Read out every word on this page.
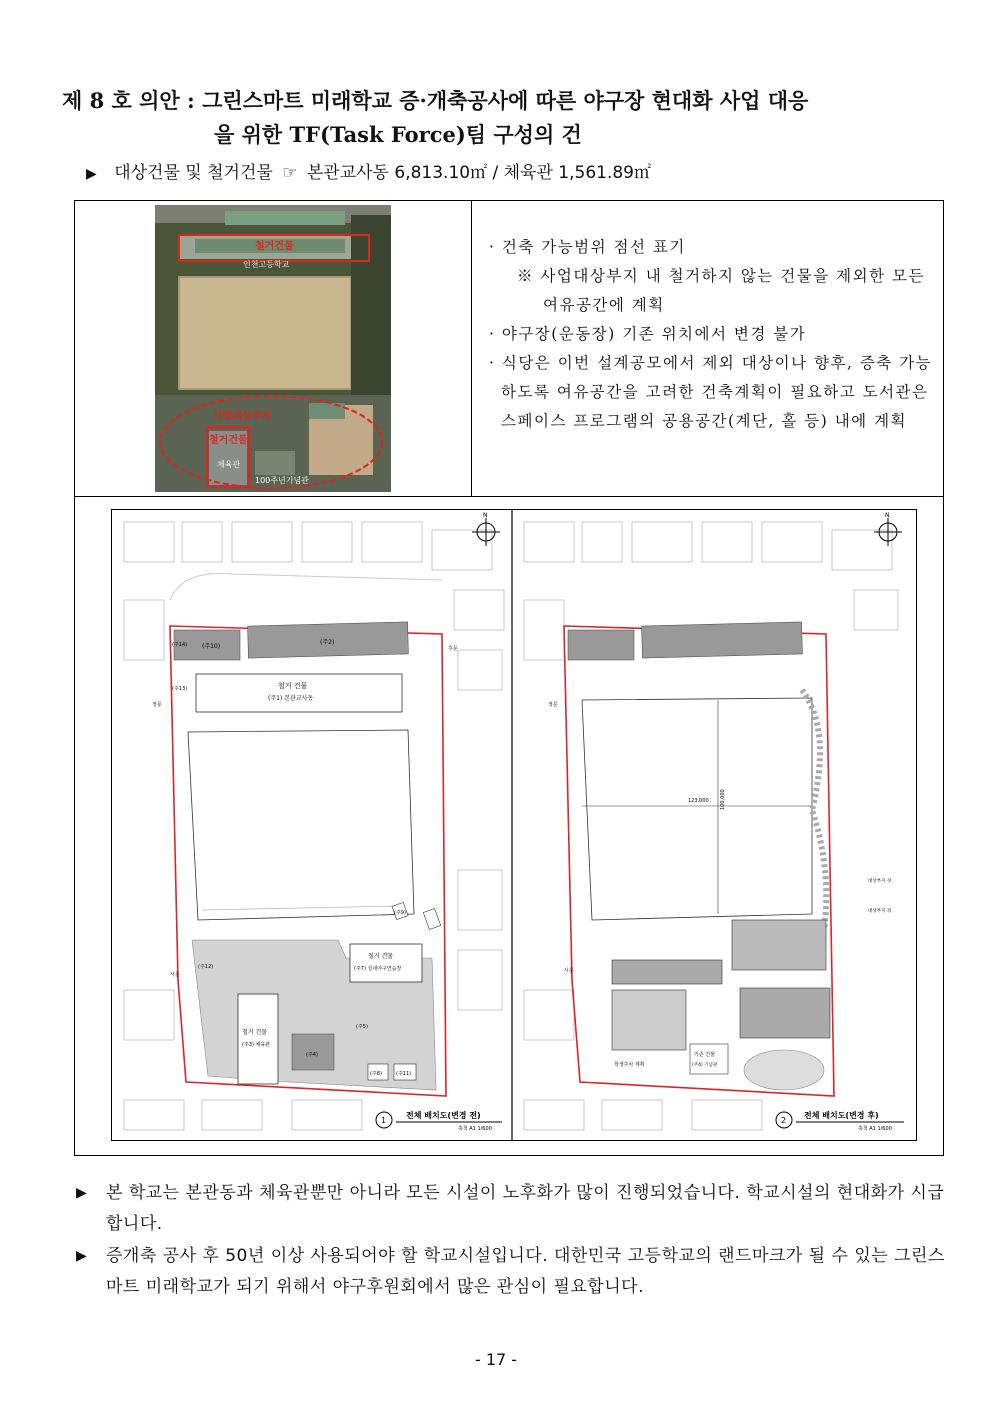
제 8 호 의안 : 그린스마트 미래학교 증·개축공사에 따른 야구장 현대화 사업 대응
을 위한 TF(Task Force)팀 구성의 건
▶ 대상건물 및 철거건물 ☞ 본관교사동 6,813.10㎡ / 체육관 1,561.89㎡
철거건물
인천고등학교
사업대상부지
철거건물
체육관
100주년기념관
· 건축 가능범위 점선 표기
※ 사업대상부지 내 철거하지 않는 건물을 제외한 모든 여유공간에 계획
· 야구장(운동장) 기존 위치에서 변경 불가
· 식당은 이번 설계공모에서 제외 대상이나 향후, 증축 가능하도록 여유공간을 고려한 건축계획이 필요하고 도서관은 스페이스 프로그램의 공용공간(계단, 홀 등) 내에 계획
N
철거 건물
(주1) 본관교사동
(주2)
(주10)
(주14)
(주13)
정문
후문
서문
(주12)
(주9)
(주5)
철거 건물
(주7) 실내야구연습장
철거 건물
(주3) 체육관
(주4)
(주8)	(주11)
1
전체 배치도(변경 전)
축척 A1 1/600
123,000 100,000
학생주차 계획
기존 건물
(주4) 기념관
정문
서문
대상부지 경
대상부지 경
N
2
전체 배치도(변경 후)
축척 A1 1/600
▶	본 학교는 본관동과 체육관뿐만 아니라 모든 시설이 노후화가 많이 진행되었습니다. 학교시설의 현대화가 시급합니다.
▶	증개축 공사 후 50년 이상 사용되어야 할 학교시설입니다. 대한민국 고등학교의 랜드마크가 될 수 있는 그린스마트 미래학교가 되기 위해서 야구후원회에서 많은 관심이 필요합니다.
- 17 -
